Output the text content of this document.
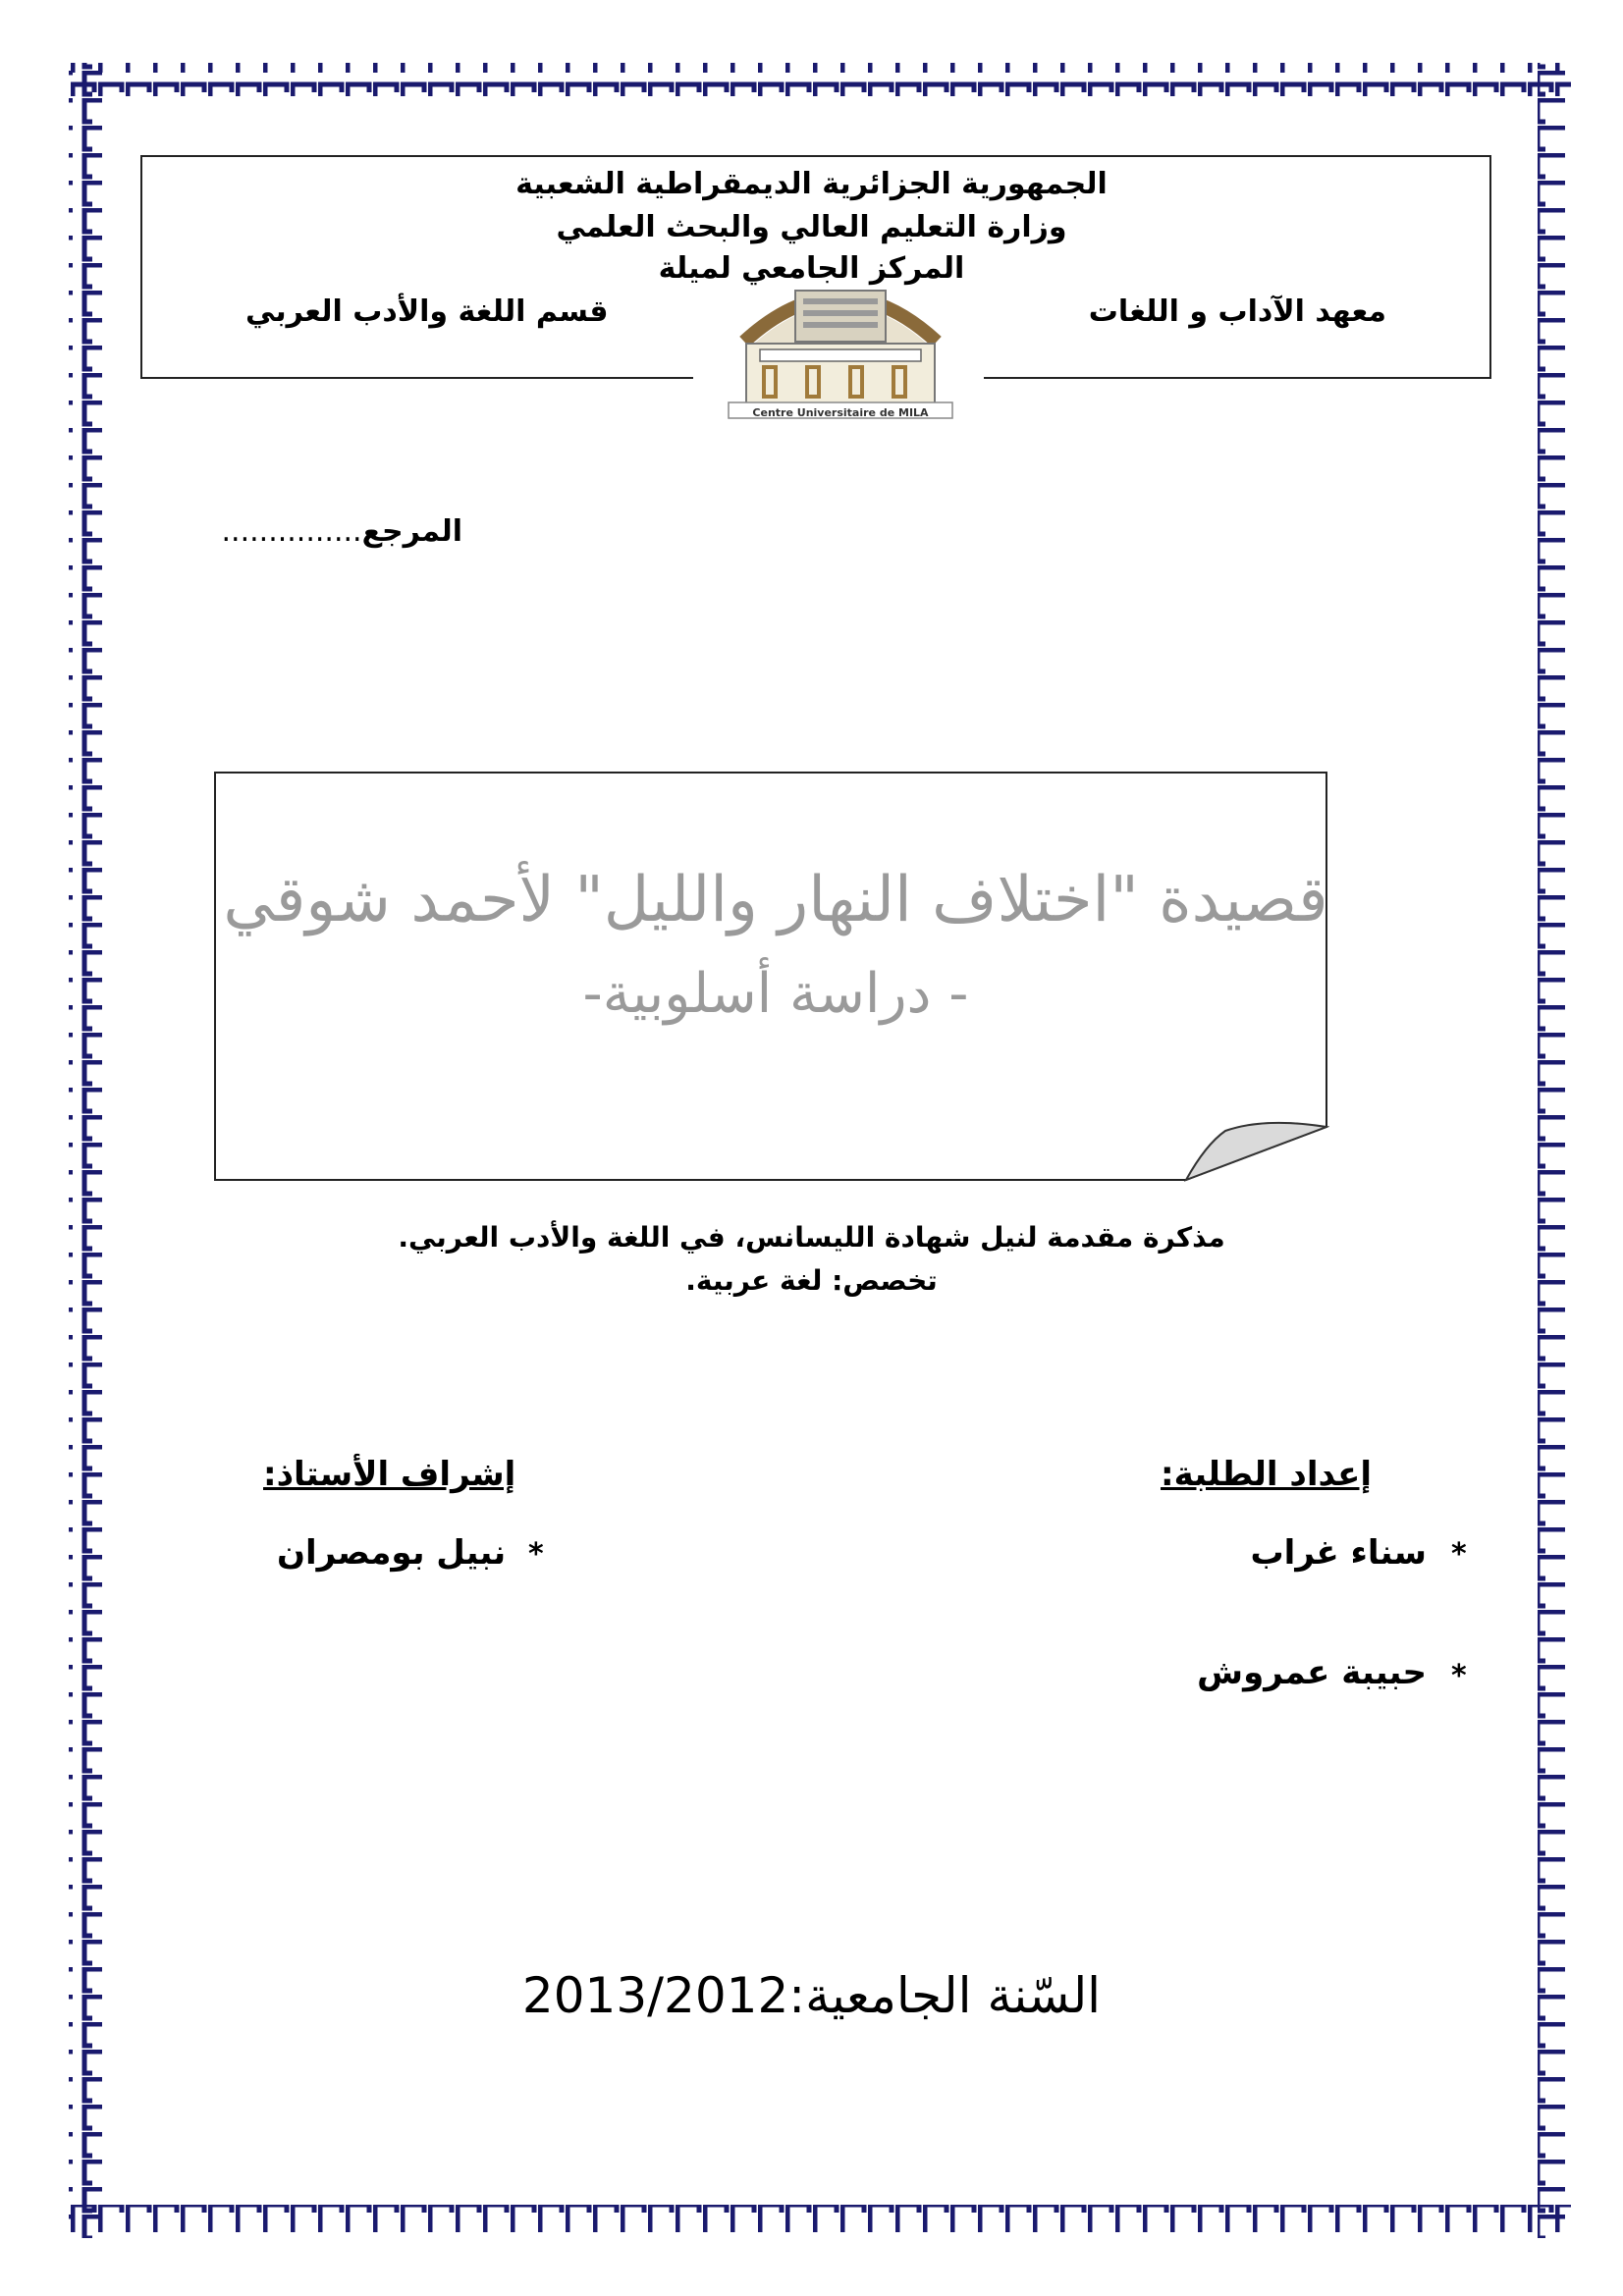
الجمهورية الجزائرية الديمقراطية الشعبية
وزارة التعليم العالي والبحث العلمي
المركز الجامعي لميلة
معهد الآداب و اللغات
قسم اللغة والأدب العربي
Centre Universitaire de MILA
...............المرجع
قصيدة "اختلاف النهار والليل" لأحمد شوقي
- دراسة أسلوبية-
مذكرة مقدمة لنيل شهادة الليسانس، في اللغة والأدب العربي.
تخصص: لغة عربية.
إعداد الطلبة:
*
سناء غراب
*
حبيبة عمروش
إشراف الأستاذ:
*
نبيل بومصران
السّنة الجامعية:2013/2012
